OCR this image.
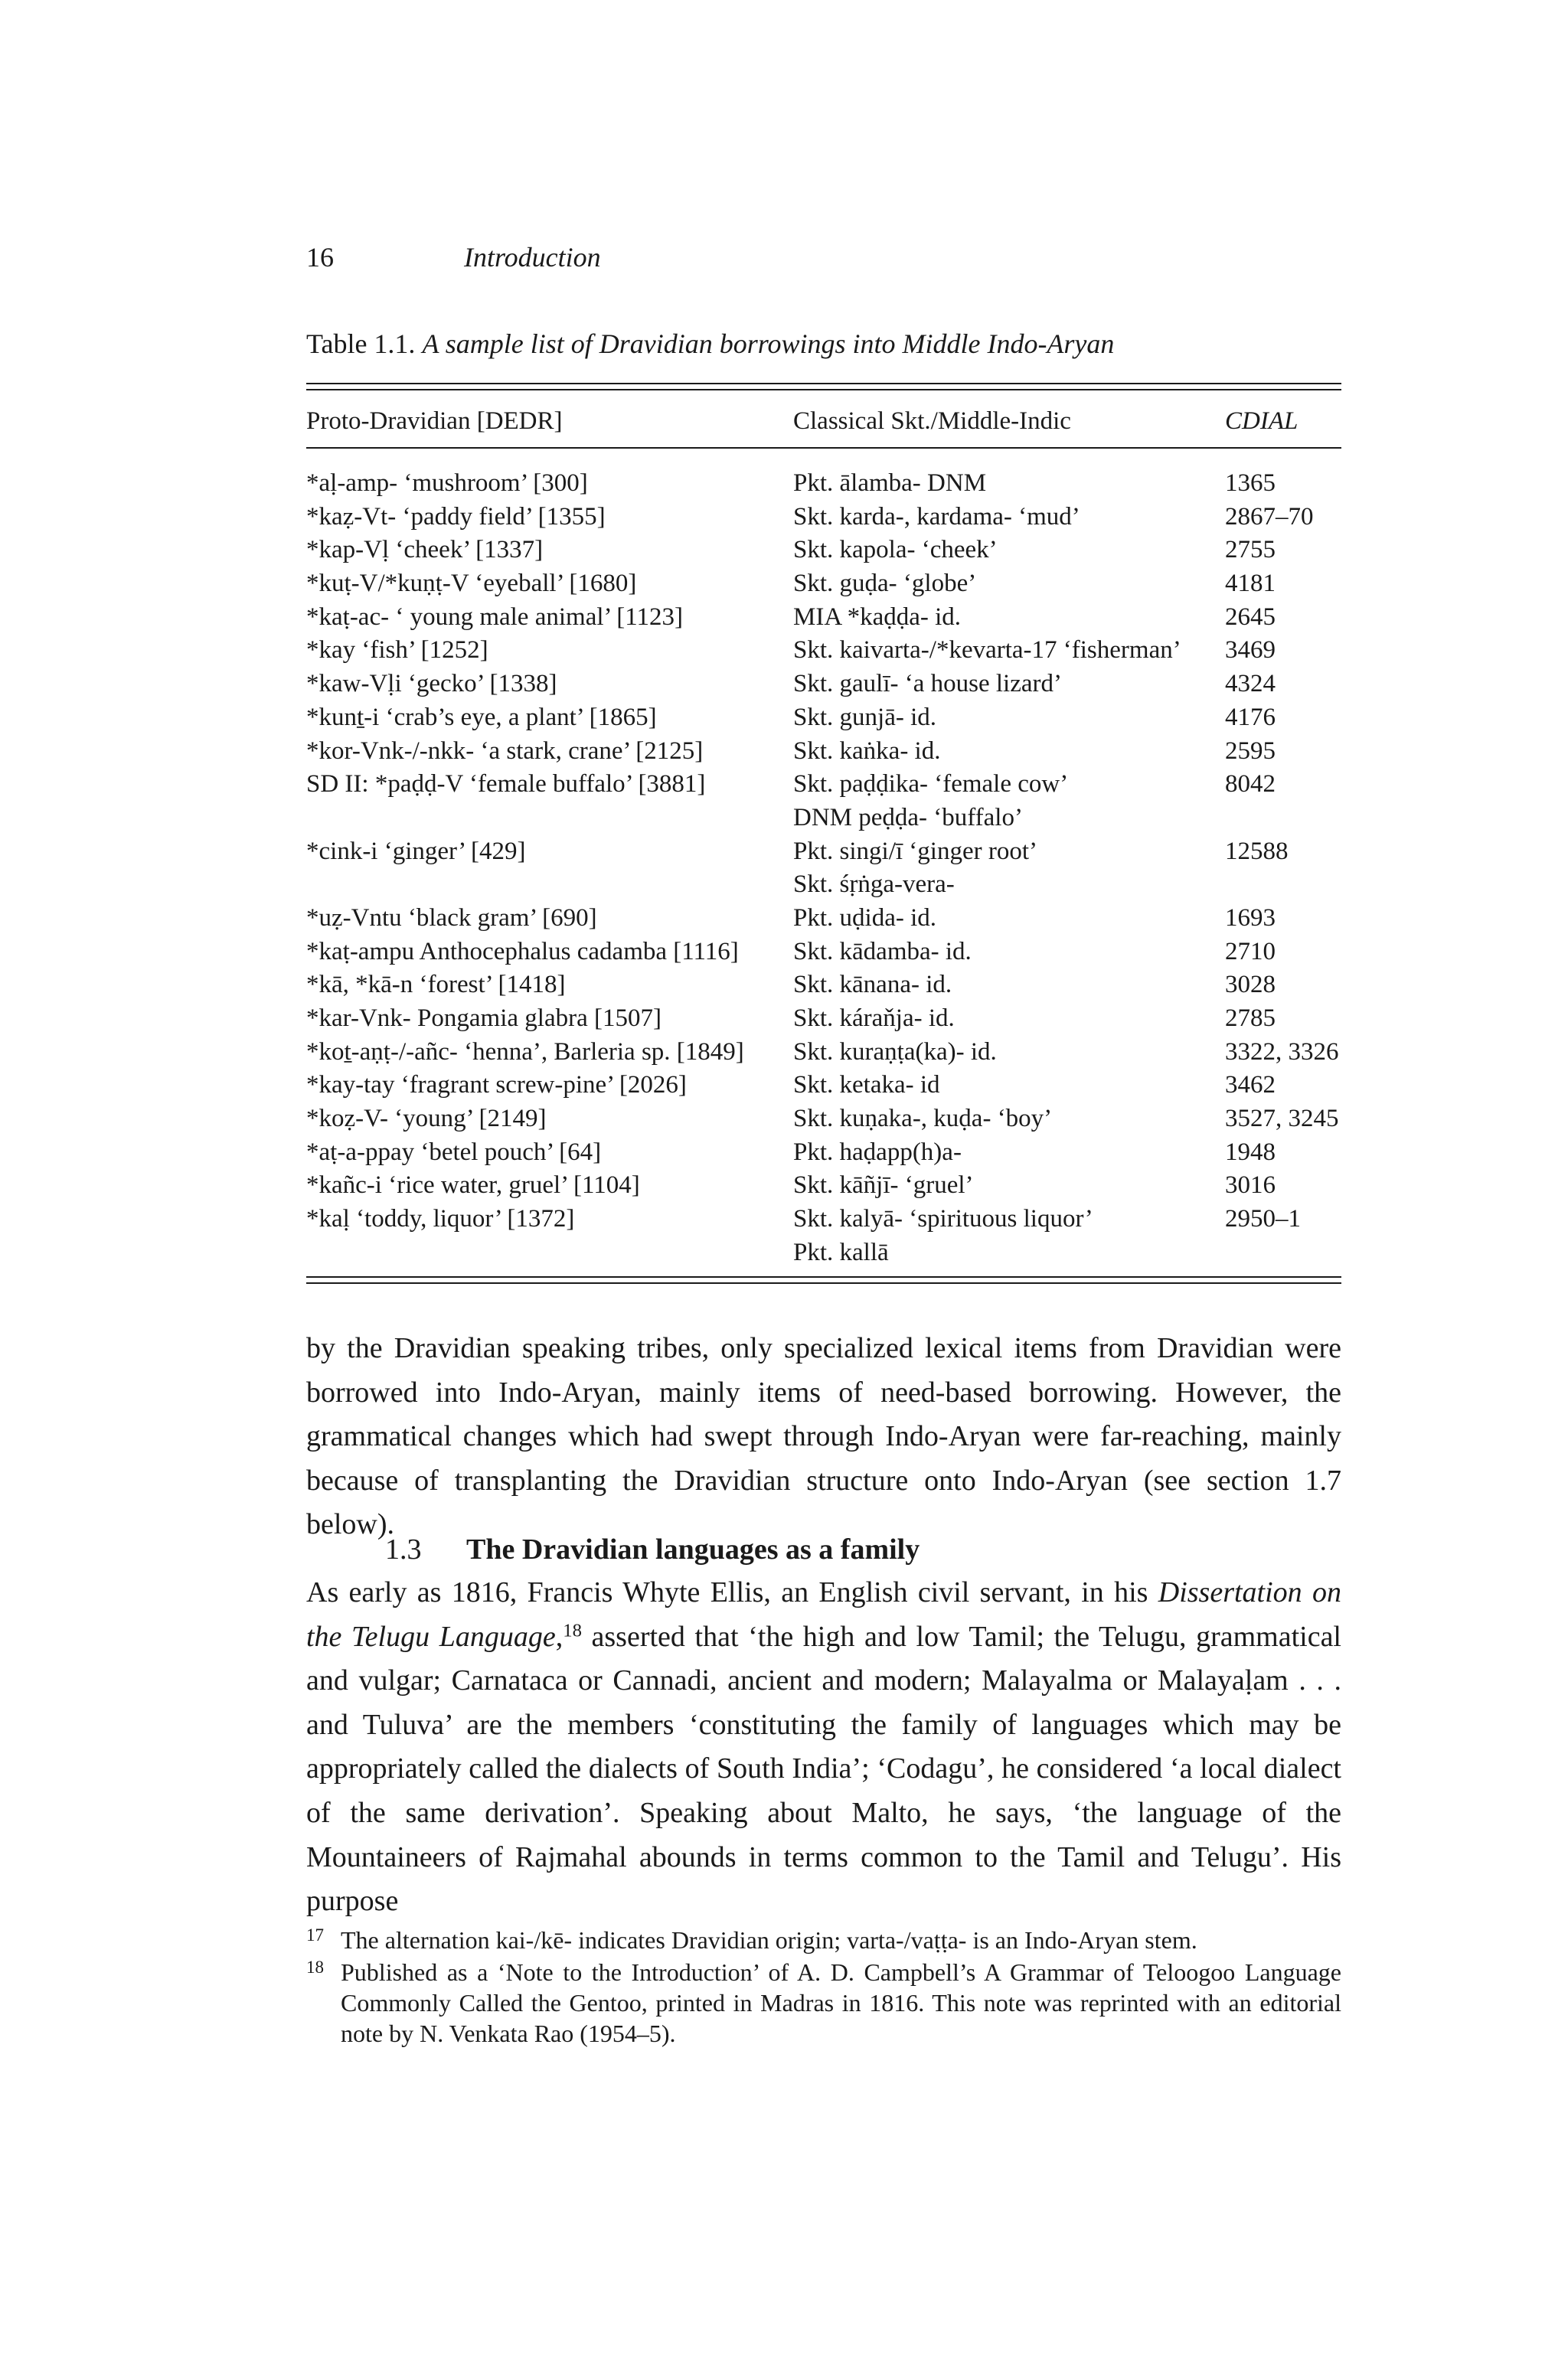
16	Introduction
Table 1.1. A sample list of Dravidian borrowings into Middle Indo-Aryan
Proto-Dravidian [DEDR]	Classical Skt./Middle-Indic	CDIAL
*aḷ-amp- ‘mushroom’ [300]	Pkt. ālamba- DNM	1365
*kaẓ-Vt- ‘paddy field’ [1355]	Skt. karda-, kardama- ‘mud’	2867–70
*kap-Vḷ ‘cheek’ [1337]	Skt. kapola- ‘cheek’	2755
*kuṭ-V/*kuṇṭ-V ‘eyeball’ [1680]	Skt. guḍa- ‘globe’	4181
*kaṭ-ac- ‘ young male animal’ [1123]	MIA *kaḍḍa- id.	2645
*kay ‘fish’ [1252]	Skt. kaivarta-/*kevarta-17 ‘fisherman’ 3469
*kaw-Vḷi ‘gecko’ [1338]	Skt. gaulī- ‘a house lizard’	4324
*kunṯ-i ‘crab’s eye, a plant’ [1865]	Skt. gunjā- id.	4176
*kor-Vnk-/-nkk- ‘a stark, crane’ [2125]	Skt. kaṅka- id.	2595
SD II: *paḍḍ-V ‘female buffalo’ [3881]	Skt. paḍḍika- ‘female cow’	8042
DNM peḍḍa- ‘buffalo’
*cink-i ‘ginger’ [429]	Pkt. singi/ī ‘ginger root’	12588
Skt. śṛṅga-vera-
*uẓ-Vntu ‘black gram’ [690]	Pkt. uḍida- id.	1693
*kaṭ-ampu Anthocephalus cadamba [1116] Skt. kādamba- id.	2710
*kā, *kā-n ‘forest’ [1418]	Skt. kānana- id.	3028
*kar-Vnk- Pongamia glabra [1507]	Skt. káraňja- id.	2785
*koṯ-aṇṭ-/-añc- ‘henna’, Barleria sp. [1849] Skt. kuraṇṭa(ka)- id.	3322, 3326
*kay-tay ‘fragrant screw-pine’ [2026]	Skt. ketaka- id	3462
*koẓ-V- ‘young’ [2149]	Skt. kuṇaka-, kuḍa- ‘boy’	3527, 3245
*aṭ-a-ppay ‘betel pouch’ [64]	Pkt. haḍapp(h)a-	1948
*kañc-i ‘rice water, gruel’ [1104]	Skt. kāñjī- ‘gruel’	3016
*kaḷ ‘toddy, liquor’ [1372]	Skt. kalyā- ‘spirituous liquor’	2950–1
Pkt. kallā

by the Dravidian speaking tribes, only specialized lexical items from Dravidian were borrowed into Indo-Aryan, mainly items of need-based borrowing. However, the grammatical changes which had swept through Indo-Aryan were far-reaching, mainly because of transplanting the Dravidian structure onto Indo-Aryan (see section 1.7 below).

1.3 The Dravidian languages as a family

As early as 1816, Francis Whyte Ellis, an English civil servant, in his Dissertation on the Telugu Language,$^{18}$ asserted that ‘the high and low Tamil; the Telugu, grammatical and vulgar; Carnataca or Cannadi, ancient and modern; Malayalma or Malayaḷam . . . and Tuluva’ are the members ‘constituting the family of languages which may be appropriately called the dialects of South India’; ‘Codagu’, he considered ‘a local dialect of the same derivation’. Speaking about Malto, he says, ‘the language of the Mountaineers of Rajmahal abounds in terms common to the Tamil and Telugu’. His purpose

17 The alternation kai-/kē- indicates Dravidian origin; varta-/vaṭṭa- is an Indo-Aryan stem.
18 Published as a ‘Note to the Introduction’ of A. D. Campbell’s A Grammar of Teloogoo Language Commonly Called the Gentoo, printed in Madras in 1816. This note was reprinted with an editorial note by N. Venkata Rao (1954–5).
